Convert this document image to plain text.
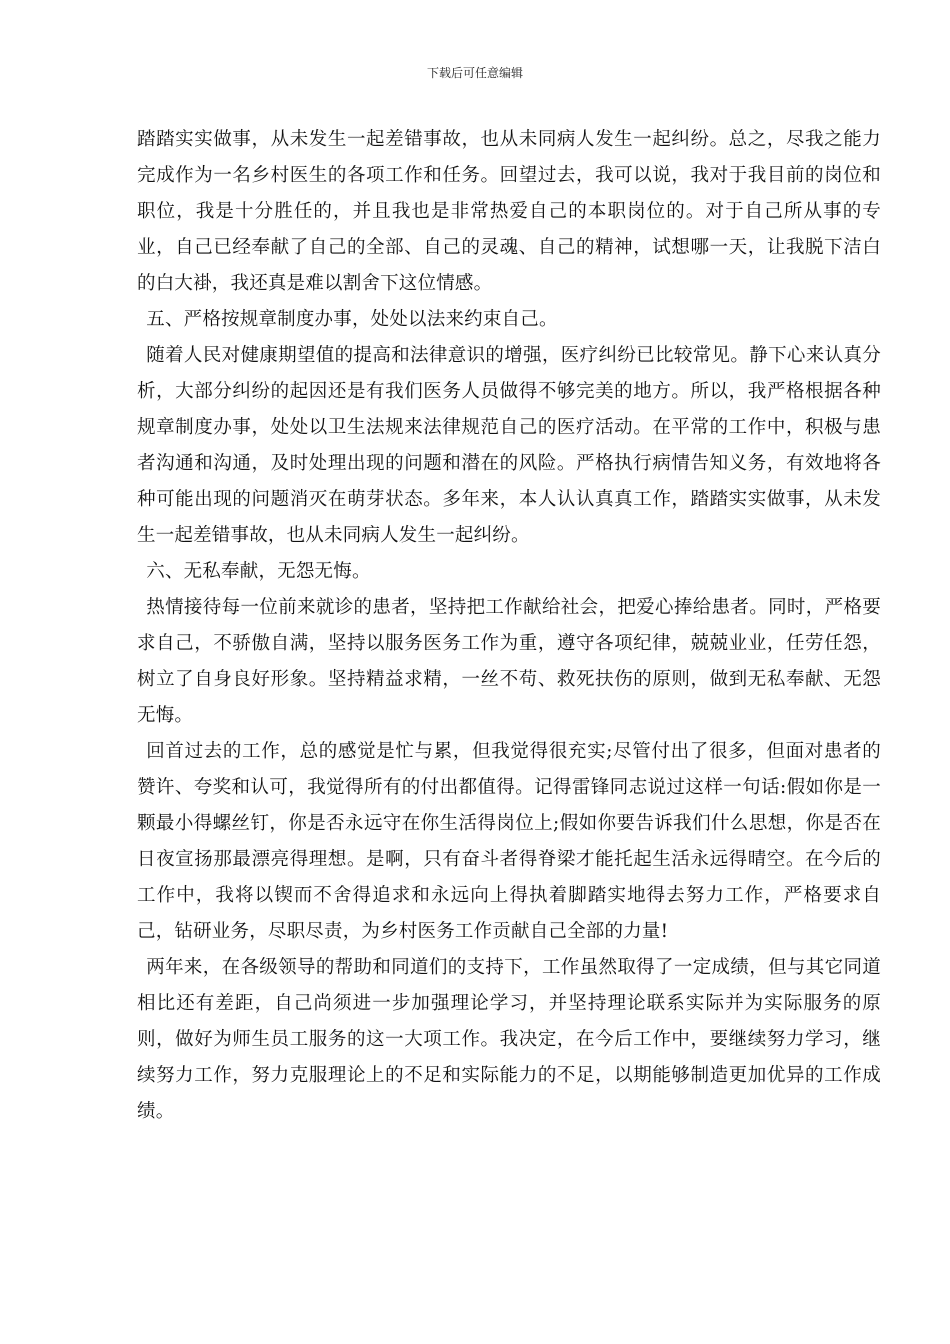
下载后可任意编辑

踏踏实实做事，从未发生一起差错事故，也从未同病人发生一起纠纷。总之，尽我之能力完成作为一名乡村医生的各项工作和任务。回望过去，我可以说，我对于我目前的岗位和职位，我是十分胜任的，并且我也是非常热爱自己的本职岗位的。对于自己所从事的专业，自己已经奉献了自己的全部、自己的灵魂、自己的精神，试想哪一天，让我脱下洁白的白大褂，我还真是难以割舍下这位情感。

五、严格按规章制度办事，处处以法来约束自己。

随着人民对健康期望值的提高和法律意识的增强，医疗纠纷已比较常见。静下心来认真分析，大部分纠纷的起因还是有我们医务人员做得不够完美的地方。所以，我严格根据各种规章制度办事，处处以卫生法规来法律规范自己的医疗活动。在平常的工作中，积极与患者沟通和沟通，及时处理出现的问题和潜在的风险。严格执行病情告知义务，有效地将各种可能出现的问题消灭在萌芽状态。多年来，本人认认真真工作，踏踏实实做事，从未发生一起差错事故，也从未同病人发生一起纠纷。

六、无私奉献，无怨无悔。

热情接待每一位前来就诊的患者，坚持把工作献给社会，把爱心捧给患者。同时，严格要求自己，不骄傲自满，坚持以服务医务工作为重，遵守各项纪律，兢兢业业，任劳任怨，树立了自身良好形象。坚持精益求精，一丝不苟、救死扶伤的原则，做到无私奉献、无怨无悔。

回首过去的工作，总的感觉是忙与累，但我觉得很充实;尽管付出了很多，但面对患者的赞许、夸奖和认可，我觉得所有的付出都值得。记得雷锋同志说过这样一句话:假如你是一颗最小得螺丝钉，你是否永远守在你生活得岗位上;假如你要告诉我们什么思想，你是否在日夜宣扬那最漂亮得理想。是啊，只有奋斗者得脊梁才能托起生活永远得晴空。在今后的工作中，我将以锲而不舍得追求和永远向上得执着脚踏实地得去努力工作，严格要求自己，钻研业务，尽职尽责，为乡村医务工作贡献自己全部的力量!

两年来，在各级领导的帮助和同道们的支持下，工作虽然取得了一定成绩，但与其它同道相比还有差距，自己尚须进一步加强理论学习，并坚持理论联系实际并为实际服务的原则，做好为师生员工服务的这一大项工作。我决定，在今后工作中，要继续努力学习，继续努力工作，努力克服理论上的不足和实际能力的不足，以期能够制造更加优异的工作成绩。
